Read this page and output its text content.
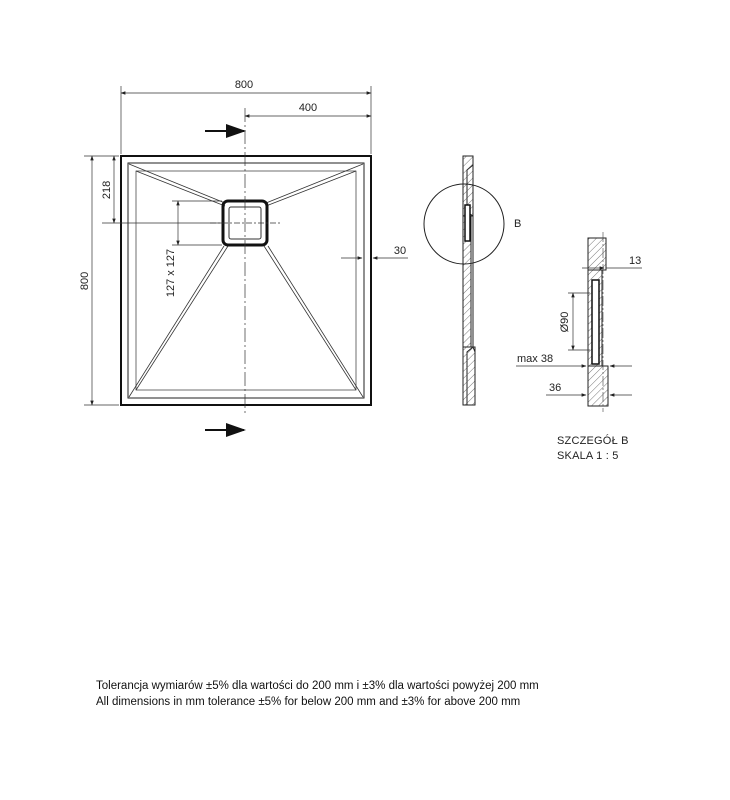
800
400
800
218
127 x 127	30
B
13
Ø90
max 38
36
SZCZEGÓŁ B
SKALA 1 : 5
Tolerancja wymiarów ±5% dla wartości do 200 mm i ±3% dla wartości powyżej 200 mm
All dimensions in mm tolerance ±5% for below 200 mm and ±3% for above 200 mm
